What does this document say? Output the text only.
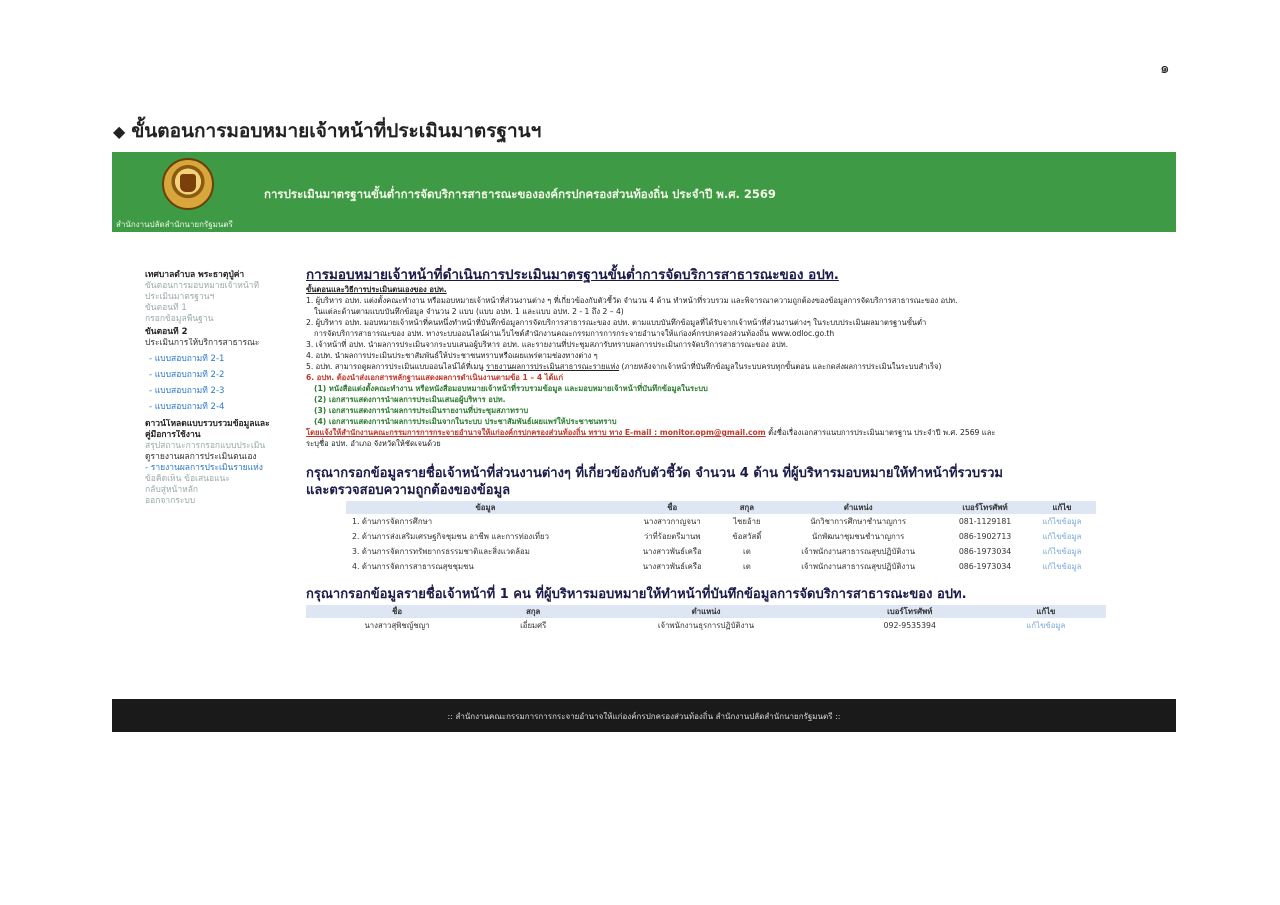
๑
◆ ขั้นตอนการมอบหมายเจ้าหน้าที่ประเมินมาตรฐานฯ
การประเมินมาตรฐานขั้นต่ำการจัดบริการสาธารณะขององค์กรปกครองส่วนท้องถิ่น ประจำปี พ.ศ. 2569
สำนักงานปลัดสำนักนายกรัฐมนตรี
เทศบาลตำบล พระธาตุปู่ค่า
ขั้นตอนการมอบหมายเจ้าหน้าที่
ประเมินมาตรฐานฯ
ขั้นตอนที่ 1
กรอกข้อมูลพื้นฐาน
ขั้นตอนที่ 2
ประเมินการให้บริการสาธารณะ
- แบบสอบถามที่ 2-1
- แบบสอบถามที่ 2-2
- แบบสอบถามที่ 2-3
- แบบสอบถามที่ 2-4
ดาวน์โหลดแบบรวบรวมข้อมูลและ
คู่มือการใช้งาน
สรุปสถานะการกรอกแบบประเมิน
ดูรายงานผลการประเมินตนเอง
- รายงานผลการประเมินรายแห่ง
ข้อคิดเห็น ข้อเสนอแนะ
กลับสู่หน้าหลัก
ออกจากระบบ
การมอบหมายเจ้าหน้าที่ดำเนินการประเมินมาตรฐานขั้นต่ำการจัดบริการสาธารณะของ อปท.
ขั้นตอนและวิธีการประเมินตนเองของ อปท.
1. ผู้บริหาร อปท. แต่งตั้งคณะทำงาน หรือมอบหมายเจ้าหน้าที่ส่วนงานต่าง ๆ ที่เกี่ยวข้องกับตัวชี้วัด จำนวน 4 ด้าน ทำหน้าที่รวบรวม และพิจารณาความถูกต้องของข้อมูลการจัดบริการสาธารณะของ อปท.
ในแต่ละด้านตามแบบบันทึกข้อมูล จำนวน 2 แบบ (แบบ อปท. 1 และแบบ อปท. 2 - 1 ถึง 2 – 4)
2. ผู้บริหาร อปท. มอบหมายเจ้าหน้าที่คนหนึ่งทำหน้าที่บันทึกข้อมูลการจัดบริการสาธารณะของ อปท. ตามแบบบันทึกข้อมูลที่ได้รับจากเจ้าหน้าที่ส่วนงานต่างๆ ในระบบประเมินผลมาตรฐานขั้นต่ำ
การจัดบริการสาธารณะของ อปท. ทางระบบออนไลน์ผ่านเว็บไซต์สำนักงานคณะกรรมการการกระจายอำนาจให้แก่องค์กรปกครองส่วนท้องถิ่น www.odloc.go.th
3. เจ้าหน้าที่ อปท. นำผลการประเมินจากระบบเสนอผู้บริหาร อปท. และรายงานที่ประชุมสภารับทราบผลการประเมินการจัดบริการสาธารณะของ อปท.
4. อปท. นำผลการประเมินประชาสัมพันธ์ให้ประชาชนทราบหรือเผยแพร่ตามช่องทางต่าง ๆ
5. อปท. สามารถดูผลการประเมินแบบออนไลน์ได้ที่เมนู รายงานผลการประเมินสาธารณะรายแห่ง (ภายหลังจากเจ้าหน้าที่บันทึกข้อมูลในระบบครบทุกขั้นตอน และกดส่งผลการประเมินในระบบสำเร็จ)
6. อปท. ต้องนำส่งเอกสารหลักฐานแสดงผลการดำเนินงานตามข้อ 1 – 4 ได้แก่
(1) หนังสือแต่งตั้งคณะทำงาน หรือหนังสือมอบหมายเจ้าหน้าที่รวบรวมข้อมูล และมอบหมายเจ้าหน้าที่บันทึกข้อมูลในระบบ
(2) เอกสารแสดงการนำผลการประเมินเสนอผู้บริหาร อปท.
(3) เอกสารแสดงการนำผลการประเมินรายงานที่ประชุมสภาทราบ
(4) เอกสารแสดงการนำผลการประเมินจากในระบบ ประชาสัมพันธ์เผยแพร่ให้ประชาชนทราบ
โดยแจ้งให้สำนักงานคณะกรรมการการกระจายอำนาจให้แก่องค์กรปกครองส่วนท้องถิ่น ทราบ ทาง E-mail : monitor.opm@gmail.com ตั้งชื่อเรื่องเอกสารแนบการประเมินมาตรฐาน ประจำปี พ.ศ. 2569 และ
ระบุชื่อ อปท. อำเภอ จังหวัดให้ชัดเจนด้วย
กรุณากรอกข้อมูลรายชื่อเจ้าหน้าที่ส่วนงานต่างๆ ที่เกี่ยวข้องกับตัวชี้วัด จำนวน 4 ด้าน ที่ผู้บริหารมอบหมายให้ทำหน้าที่รวบรวม
และตรวจสอบความถูกต้องของข้อมูล
ข้อมูล	ชื่อ	สกุล	ตำแหน่ง	เบอร์โทรศัพท์	แก้ไข
1. ด้านการจัดการศึกษา	นางสาวกาญจนา	ไชยอ้าย	นักวิชาการศึกษาชำนาญการ	081-1129181	แก้ไขข้อมูล
2. ด้านการส่งเสริมเศรษฐกิจชุมชน อาชีพ และการท่องเที่ยว	ว่าที่ร้อยตรีมานพ	ข้อสวัสดิ์	นักพัฒนาชุมชนชำนาญการ	086-1902713	แก้ไขข้อมูล
3. ด้านการจัดการทรัพยากรธรรมชาติและสิ่งแวดล้อม	นางสาวพันธ์เครือ	เต	เจ้าพนักงานสาธารณสุขปฏิบัติงาน	086-1973034	แก้ไขข้อมูล
4. ด้านการจัดการสาธารณสุขชุมชน	นางสาวพันธ์เครือ	เต	เจ้าพนักงานสาธารณสุขปฏิบัติงาน	086-1973034	แก้ไขข้อมูล
กรุณากรอกข้อมูลรายชื่อเจ้าหน้าที่ 1 คน ที่ผู้บริหารมอบหมายให้ทำหน้าที่บันทึกข้อมูลการจัดบริการสาธารณะของ อปท.
ชื่อ	สกุล	ตำแหน่ง	เบอร์โทรศัพท์	แก้ไข
นางสาวสุพิชญ์ชญา	เอี่ยมศรี	เจ้าพนักงานธุรการปฏิบัติงาน	092-9535394	แก้ไขข้อมูล
:: สำนักงานคณะกรรมการการกระจายอำนาจให้แก่องค์กรปกครองส่วนท้องถิ่น สำนักงานปลัดสำนักนายกรัฐมนตรี ::
